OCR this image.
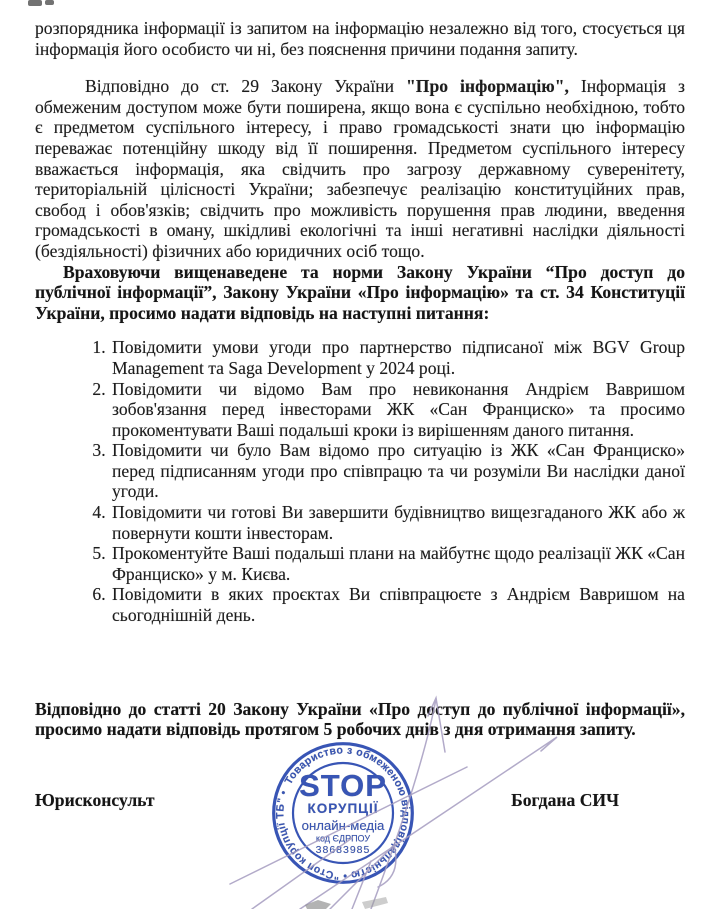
розпорядника інформації із запитом на інформацію незалежно від того, стосується ця інформація його особисто чи ні, без пояснення причини подання запиту.

Відповідно до ст. 29 Закону України "Про інформацію", Інформація з обмеженим доступом може бути поширена, якщо вона є суспільно необхідною, тобто є предметом суспільного інтересу, і право громадськості знати цю інформацію переважає потенційну шкоду від її поширення. Предметом суспільного інтересу вважається інформація, яка свідчить про загрозу державному суверенітету, територіальній цілісності України; забезпечує реалізацію конституційних прав, свобод і обов'язків; свідчить про можливість порушення прав людини, введення громадськості в оману, шкідливі екологічні та інші негативні наслідки діяльності (бездіяльності) фізичних або юридичних осіб тощо.

Враховуючи вищенаведене та норми Закону України “Про доступ до публічної інформації”, Закону України «Про інформацію» та ст. 34 Конституції України, просимо надати відповідь на наступні питання:

1. Повідомити умови угоди про партнерство підписаної між BGV Group Management та Saga Development у 2024 році.
2. Повідомити чи відомо Вам про невиконання Андрієм Вавришом зобов'язання перед інвесторами ЖК «Сан Франциско» та просимо прокоментувати Ваші подальші кроки із вирішенням даного питання.
3. Повідомити чи було Вам відомо про ситуацію із ЖК «Сан Франциско» перед підписанням угоди про співпрацю та чи розуміли Ви наслідки даної угоди.
4. Повідомити чи готові Ви завершити будівництво вищезгаданого ЖК або ж повернути кошти інвесторам.
5. Прокоментуйте Ваші подальші плани на майбутнє щодо реалізації ЖК «Сан Франциско» у м. Києва.
6. Повідомити в яких проєктах Ви співпрацюєте з Андрієм Вавришом на сьогоднішній день.

Відповідно до статті 20 Закону України «Про доступ до публічної інформації», просимо надати відповідь протягом 5 робочих днів з дня отримання запиту.

Юрисконсульт	Богдана СИЧ
Товариство з обмеженою відповідальністю • "Стоп корупції ТБ" • STOP
КОРУПЦІЇ
онлайн-медіа
код ЄДРПОУ
38683985
